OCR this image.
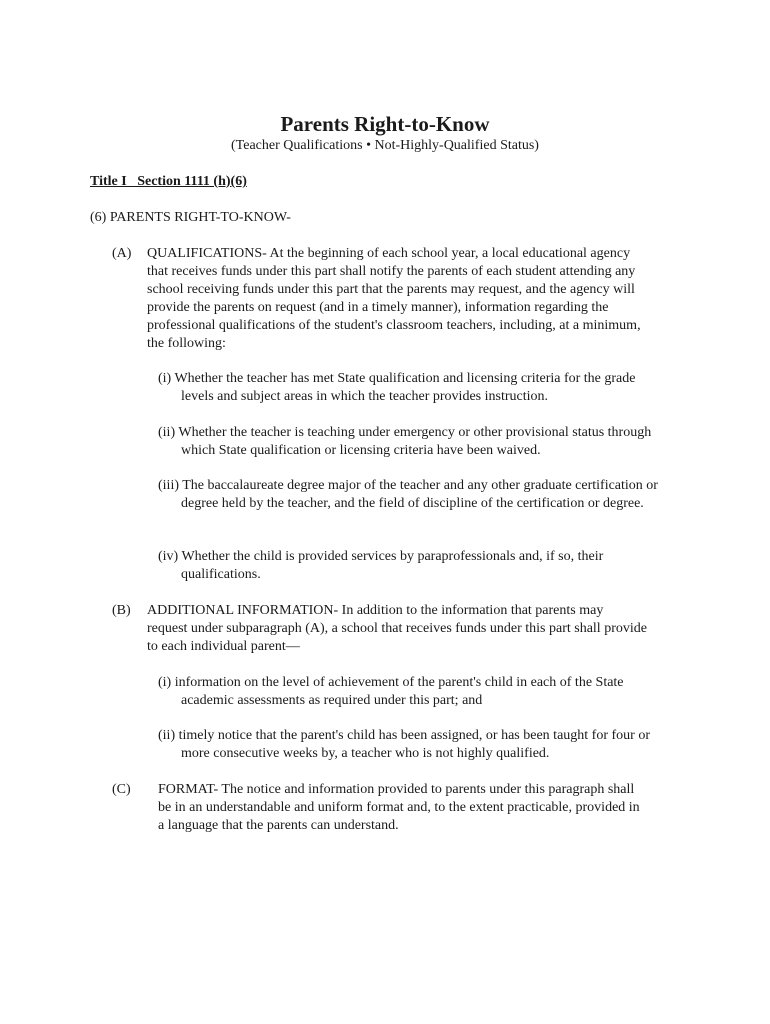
Parents Right-to-Know
(Teacher Qualifications • Not-Highly-Qualified Status)
Title I   Section 1111 (h)(6)
(6) PARENTS RIGHT-TO-KNOW-
(A) QUALIFICATIONS- At the beginning of each school year, a local educational agency that receives funds under this part shall notify the parents of each student attending any school receiving funds under this part that the parents may request, and the agency will provide the parents on request (and in a timely manner), information regarding the professional qualifications of the student's classroom teachers, including, at a minimum, the following:
(i) Whether the teacher has met State qualification and licensing criteria for the grade levels and subject areas in which the teacher provides instruction.
(ii) Whether the teacher is teaching under emergency or other provisional status through which State qualification or licensing criteria have been waived.
(iii) The baccalaureate degree major of the teacher and any other graduate certification or degree held by the teacher, and the field of discipline of the certification or degree.
(iv) Whether the child is provided services by paraprofessionals and, if so, their qualifications.
(B) ADDITIONAL INFORMATION- In addition to the information that parents may request under subparagraph (A), a school that receives funds under this part shall provide to each individual parent—
(i) information on the level of achievement of the parent's child in each of the State academic assessments as required under this part; and
(ii) timely notice that the parent's child has been assigned, or has been taught for four or more consecutive weeks by, a teacher who is not highly qualified.
(C) FORMAT- The notice and information provided to parents under this paragraph shall be in an understandable and uniform format and, to the extent practicable, provided in a language that the parents can understand.
